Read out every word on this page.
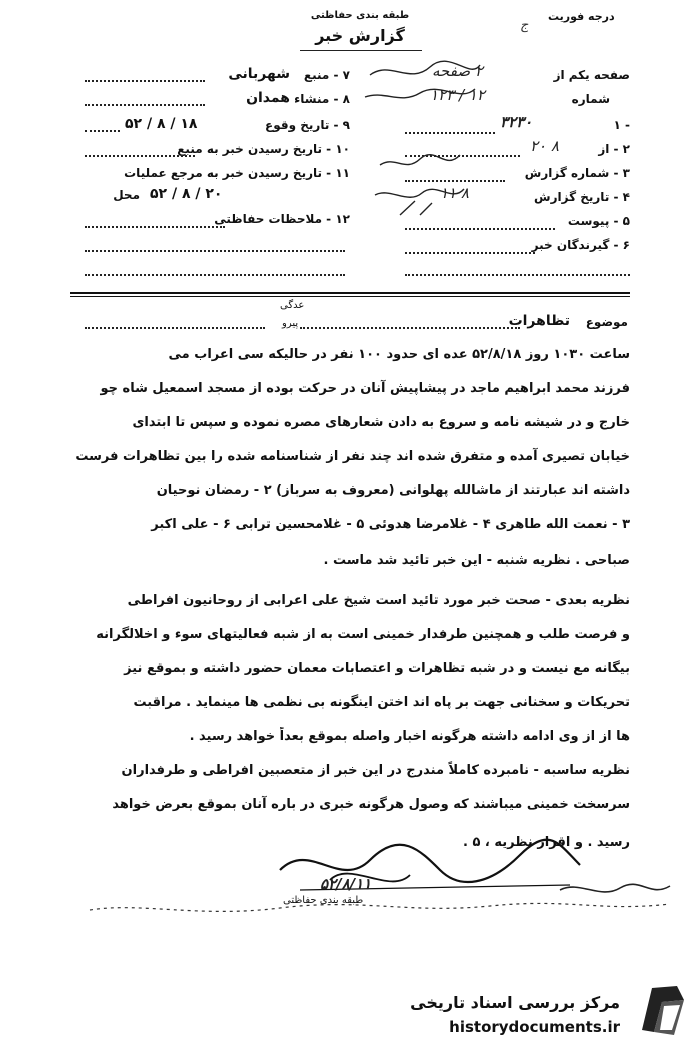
درجه فوریت
ج
طبقه بندی حفاظتی
گزارش خبر
صفحه یکم از
۲ صفحه
شماره
۱۲۳ / ۱۲
۱ -
۳۲۳۰
۲ - از
۲۰ ۸
۳ - شماره گزارش
۴ - تاریخ گزارش
۱۱ ۸
۵ - پیوست
۶ - گیرندگان خبر
۷ - منبع
شهربانی
۸ - منشاء
همدان
۹ - تاریخ وقوع
۵۲ / ۸ / ۱۸
۱۰ - تاریخ رسیدن خبر به منبع
۱۱ - تاریخ رسیدن خبر به مرجع عملیات
محل ۵۲ / ۸ / ۲۰
۱۲ - ملاحظات حفاظتی
موضوع
تظاهرات
عدگی
پیرو
ساعت ۱۰۳۰ روز ۵۲/۸/۱۸ عده ای حدود ۱۰۰ نفر در حالیکه سی اعراب می
فرزند محمد ابراهیم ماجد در پیشاپیش آنان در حرکت بوده از مسجد اسمعیل شاه چو
خارج و در شیشه نامه و سروع به دادن شعارهای مصره نموده و سپس تا ابتدای
خیابان تصیری آمده و متفرق شده اند چند نفر از شناسنامه شده را بین تظاهرات فرست
داشته اند عبارتند از ماشالله پهلوانی (معروف به سرباز) ۲ - رمضان نوحیان
۳ - نعمت الله طاهری ۴ - غلامرضا هدوئی ۵ - غلامحسین ترابی ۶ - علی اکبر
صباحی . نظریه شنبه - این خبر تائید شد ماست .
نظریه بعدی - صحت خبر مورد تائید است شیخ علی اعرابی از روحانیون افراطی
و فرصت طلب و همچنین طرفدار خمینی است به از شبه فعالیتهای سوء و اخلالگرانه
بیگانه مع نیست و در شبه تظاهرات و اعتصابات معمان حضور داشته و بموقع نیز
تحریکات و سخنانی جهت بر پاه اند اختن اینگونه بی نظمی ها مینماید . مراقبت
ها از از وی ادامه داشته هرگونه اخبار واصله بموقع بعداً خواهد رسید .
نظریه ساسبه - نامبرده کاملاً مندرج در این خبر از متعصبین افراطی و طرفداران
سرسخت خمینی میباشند که وصول هرگونه خبری در باره آنان بموقع بعرض خواهد
رسید . و اقرار نظریه ، ۵ .
۵۲/۸/۱۱
طبقه بندی حفاظتی
مرکز بررسی اسناد تاریخی
historydocuments.ir
